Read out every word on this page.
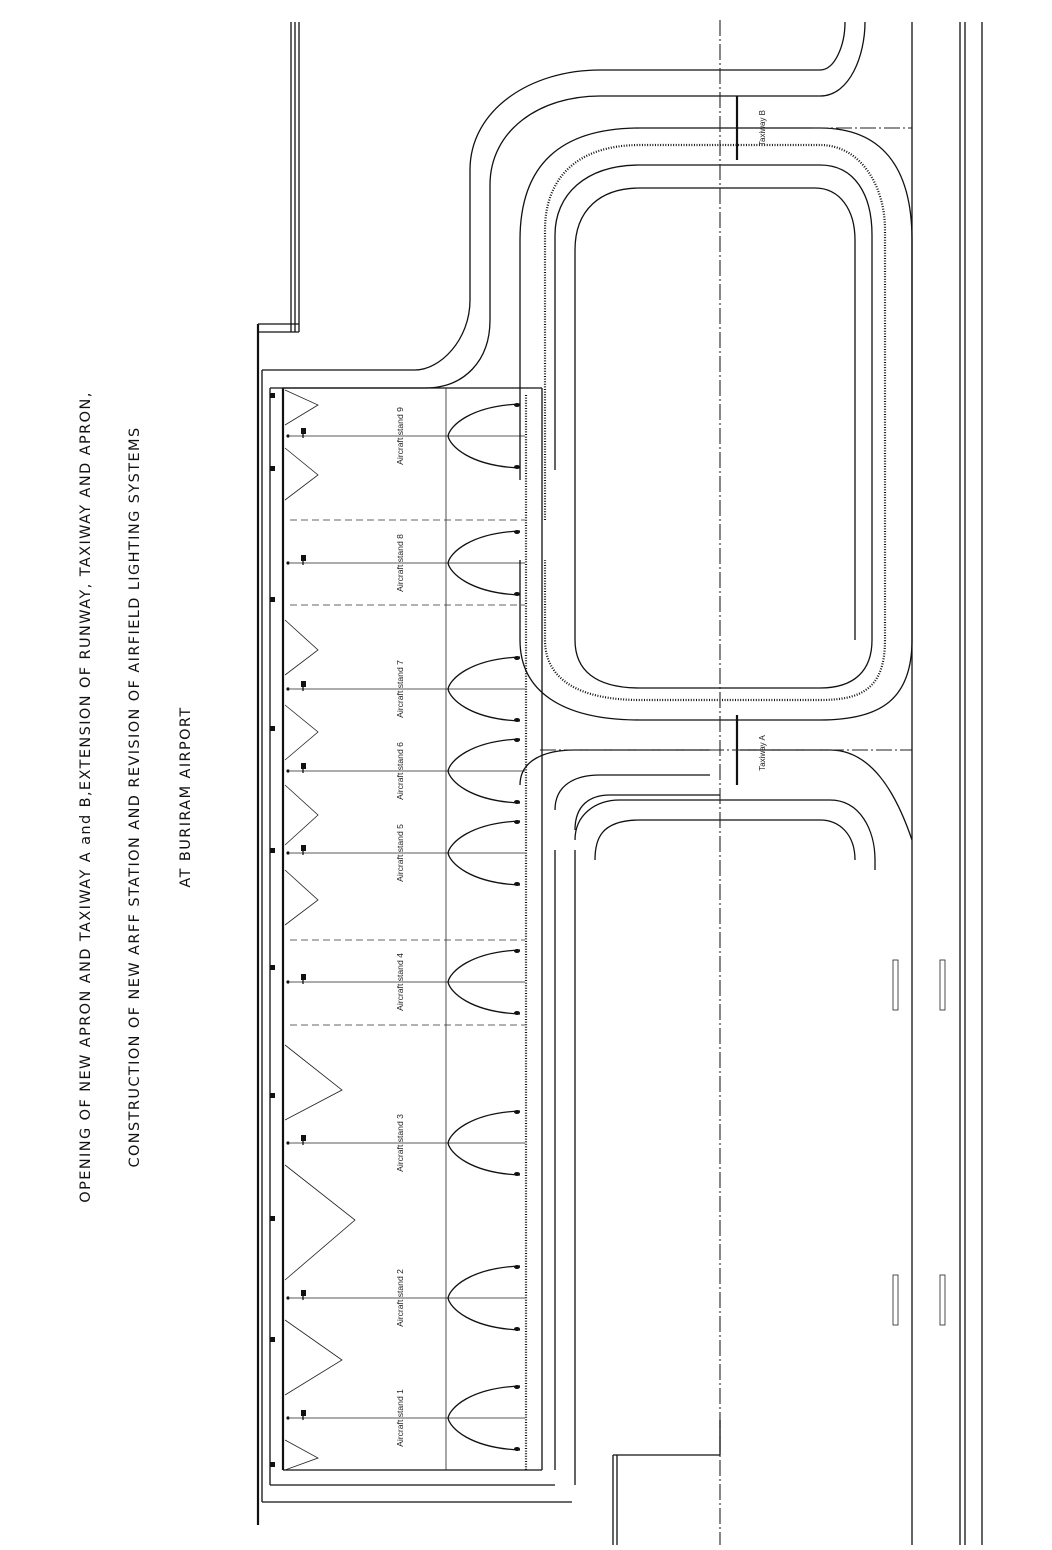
OPENING OF NEW APRON AND TAXIWAY A and B,EXTENSION OF RUNWAY, TAXIWAY AND APRON, CONSTRUCTION OF NEW ARFF STATION AND REVISION OF AIRFIELD LIGHTING SYSTEMS AT BURIRAM AIRPORT
Aircraft stand 1
Aircraft stand 2
Aircraft stand 3
Aircraft stand 4
Aircraft stand 5
Aircraft stand 6
Aircraft stand 7
Aircraft stand 8
Aircraft stand 9
Taxiway A
Taxiway B
